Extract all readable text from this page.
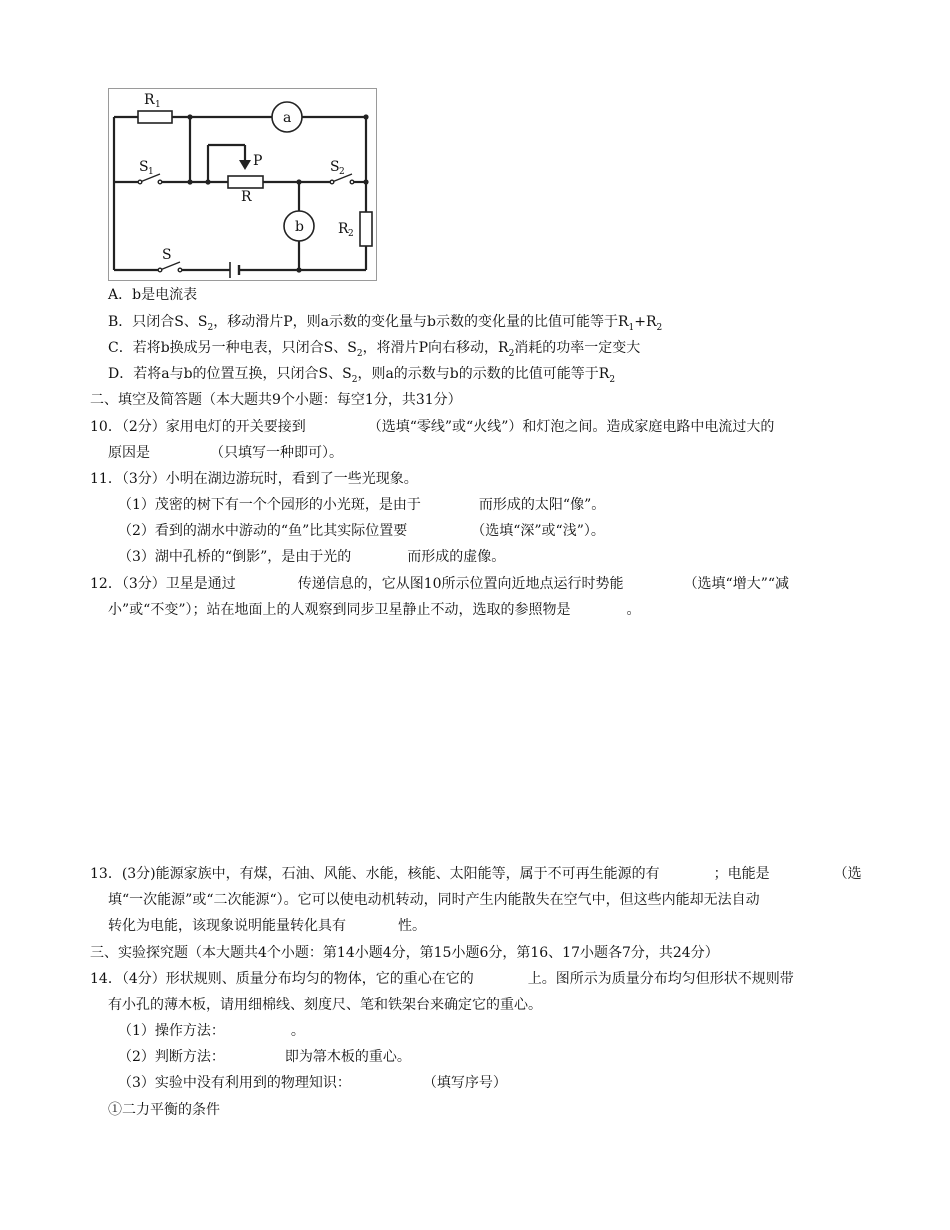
R 1
S 1
P
R
S 2
a
b R 2
S
A．b是电流表
B．只闭合S、$S_2$，移动滑片P，则a示数的变化量与b示数的变化量的比值可能等于$R_1+R_2$
C．若将b换成另一种电表，只闭合S、$S_2$，将滑片P向右移动，$R_2$消耗的功率一定变大
D．若将a与b的位置互换，只闭合S、$S_2$，则a的示数与b的示数的比值可能等于$R_2$
二、填空及简答题（本大题共9个小题：每空1分，共31分）
10．（2分）家用电灯的开关要接到	（选填“零线”或“火线”）和灯泡之间。造成家庭电路中电流过大的
原因是	（只填写一种即可）。
11．（3分）小明在湖边游玩时，看到了一些光现象。
（1）茂密的树下有一个个园形的小光斑，是由于	而形成的太阳“像”。
（2）看到的湖水中游动的“鱼”比其实际位置要	（选填“深”或“浅”）。
（3）湖中孔桥的“倒影”，是由于光的	而形成的虚像。
12．（3分）卫星是通过	传递信息的，它从图10所示位置向近地点运行时势能	（选填“增大”“减
小”或“不变”）；站在地面上的人观察到同步卫星静止不动，选取的参照物是	。
13．(3分)能源家族中，有煤，石油、风能、水能，核能、太阳能等，属于不可再生能源的有	；电能是	（选
填“一次能源”或“二次能源“）。它可以使电动机转动，同时产生内能散失在空气中，但这些内能却无法自动
转化为电能，该现象说明能量转化具有	性。
三、实验探究题（本大题共4个小题：第14小题4分，第15小题6分，第16、17小题各7分，共24分）
14．（4分）形状规则、质量分布均匀的物体，它的重心在它的	上。图所示为质量分布均匀但形状不规则带
有小孔的薄木板，请用细棉线、刻度尺、笔和铁架台来确定它的重心。
（1）操作方法：	。
（2）判断方法：	即为箒木板的重心。
（3）实验中没有利用到的物理知识：	（填写序号）
①二力平衡的条件
